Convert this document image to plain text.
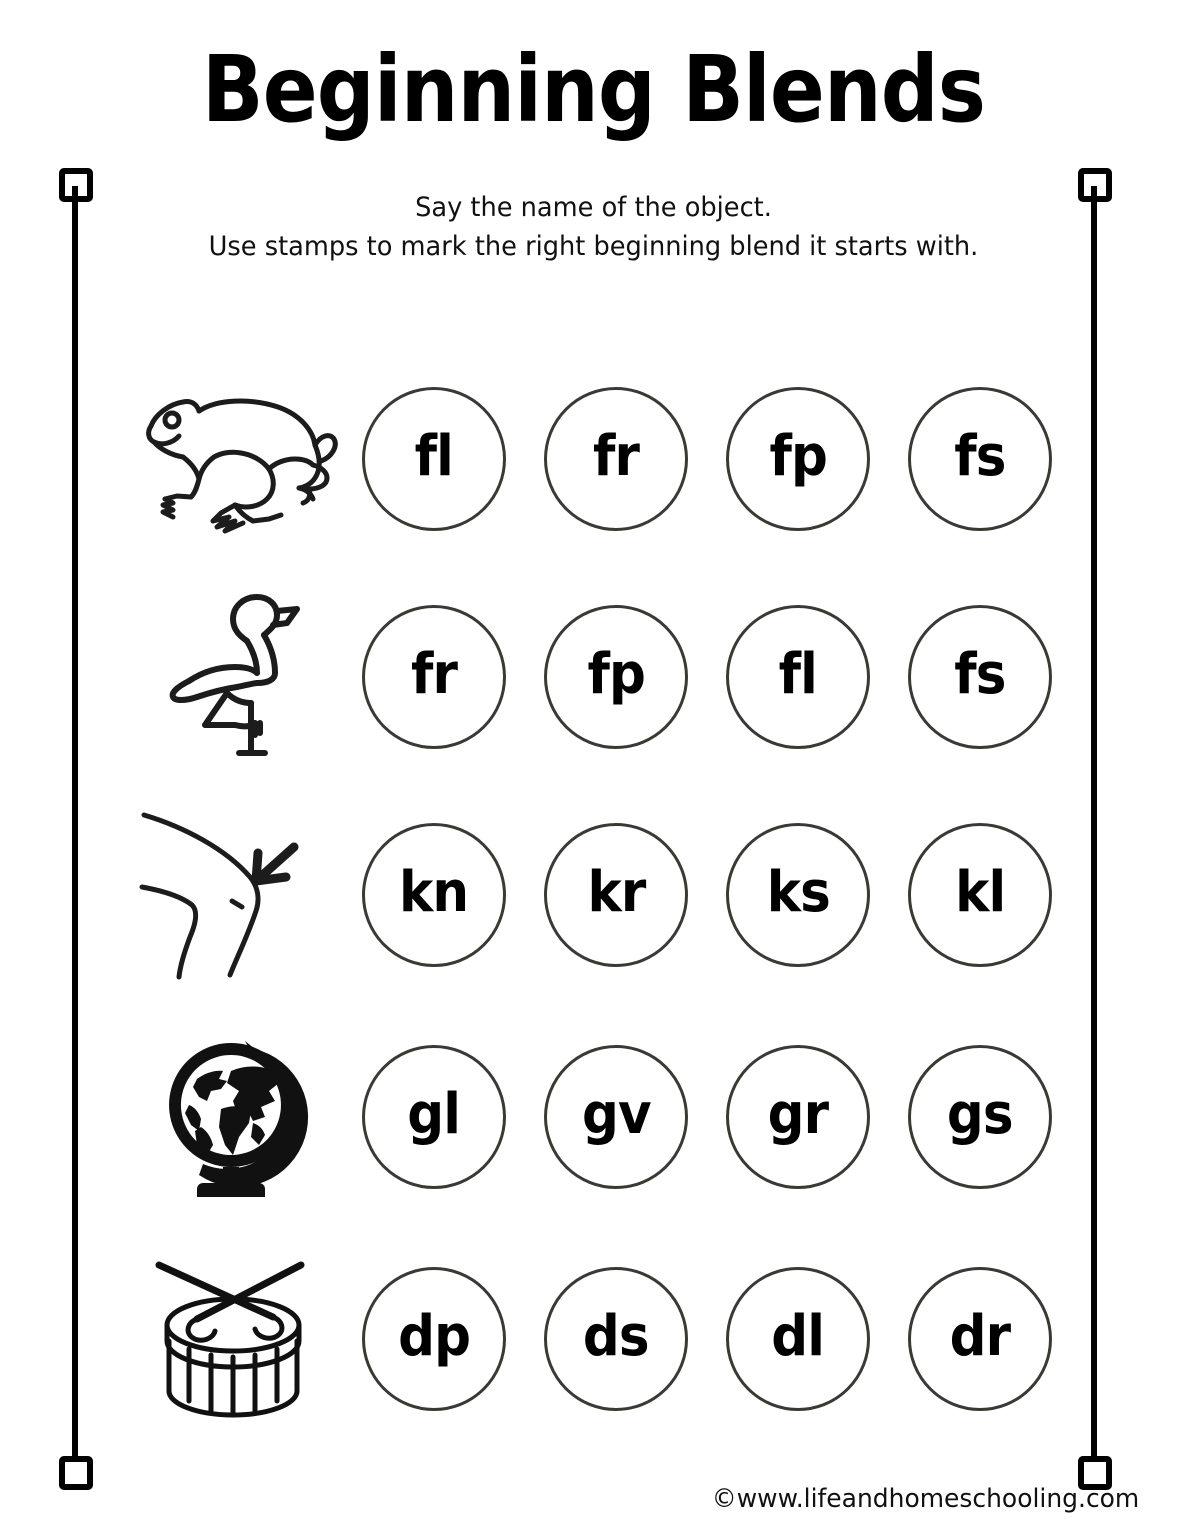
Beginning Blends
Say the name of the object.
Use stamps to mark the right beginning blend it starts with.
fl fr fp fs
fr fp fl fs
kn kr ks kl
gl gv gr gs
dp ds dl dr
©www.lifeandhomeschooling.com
